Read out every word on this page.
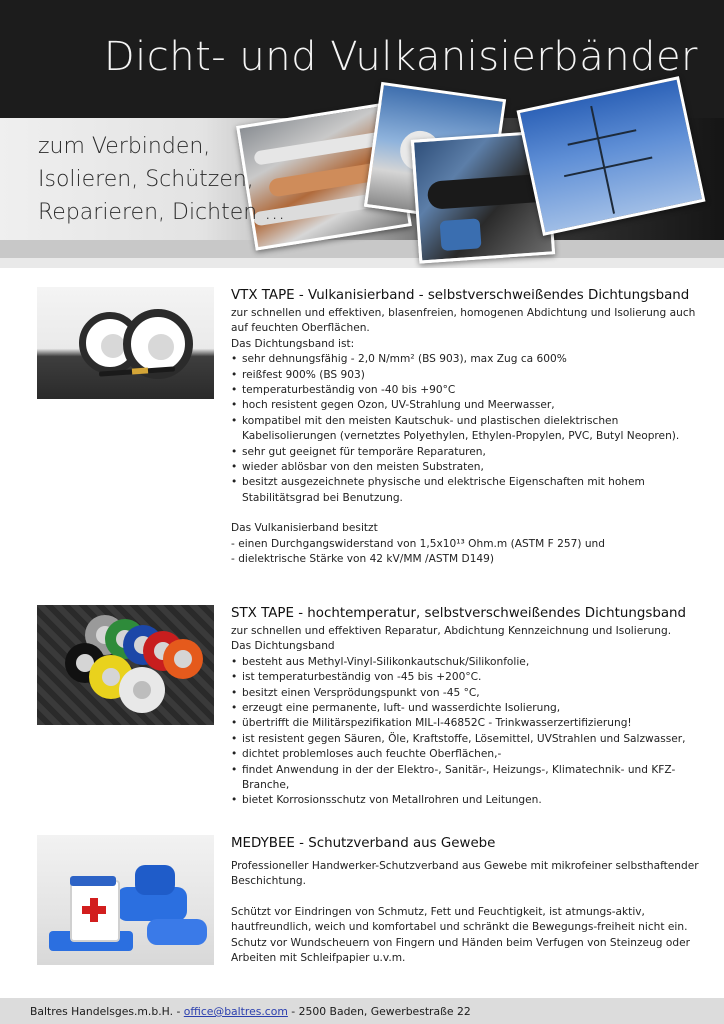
Dicht- und Vulkanisierbänder
zum Verbinden,
Isolieren, Schützen,
Reparieren, Dichten ...
VTX TAPE - Vulkanisierband - selbstverschweißendes Dichtungsband

zur schnellen und effektiven, blasenfreien, homogenen Abdichtung und Isolierung auch auf feuchten Oberflächen.

Das Dichtungsband ist:

• sehr dehnungsfähig - 2,0 N/mm² (BS 903), max Zug ca 600%
• reißfest 900% (BS 903)
• temperaturbeständig von -40 bis +90°C
• hoch resistent gegen Ozon, UV-Strahlung und Meerwasser,
• kompatibel mit den meisten Kautschuk- und plastischen dielektrischen Kabelisolierungen (vernetztes Polyethylen, Ethylen-Propylen, PVC, Butyl Neopren).
• sehr gut geeignet für temporäre Reparaturen,
• wieder ablösbar von den meisten Substraten,
• besitzt ausgezeichnete physische und elektrische Eigenschaften mit hohem Stabilitätsgrad bei Benutzung.

Das Vulkanisierband besitzt

- einen Durchgangswiderstand von 1,5x10¹³ Ohm.m (ASTM F 257) und

- dielektrische Stärke von 42 kV/MM /ASTM D149)

STX TAPE - hochtemperatur, selbstverschweißendes Dichtungsband

zur schnellen und effektiven Reparatur, Abdichtung Kennzeichnung und Isolierung.

Das Dichtungsband

• besteht aus Methyl-Vinyl-Silikonkautschuk/Silikonfolie,
• ist temperaturbeständig von -45 bis +200°C.
• besitzt einen Versprödungspunkt von -45 °C,
• erzeugt eine permanente, luft- und wasserdichte Isolierung,
• übertrifft die Militärspezifikation MIL-I-46852C - Trinkwasserzertifizierung!
• ist resistent gegen Säuren, Öle, Kraftstoffe, Lösemittel, UVStrahlen und Salzwasser,
• dichtet problemloses auch feuchte Oberflächen,-
• findet Anwendung in der der Elektro-, Sanitär-, Heizungs-, Klimatechnik- und KFZ-Branche,
• bietet Korrosionsschutz von Metallrohren und Leitungen.
MEDYBEE - Schutzverband aus Gewebe

Professioneller Handwerker-Schutzverband aus Gewebe mit mikrofeiner selbsthaftender Beschichtung.

Schützt vor Eindringen von Schmutz, Fett und Feuchtigkeit, ist atmungs-aktiv, hautfreundlich, weich und komfortabel und schränkt die Bewegungs-freiheit nicht ein.

Schutz vor Wundscheuern von Fingern und Händen beim Verfugen von Steinzeug oder Arbeiten mit Schleifpapier u.v.m.

Baltres Handelsges.m.b.H. - office@baltres.com - 2500 Baden, Gewerbestraße 22
